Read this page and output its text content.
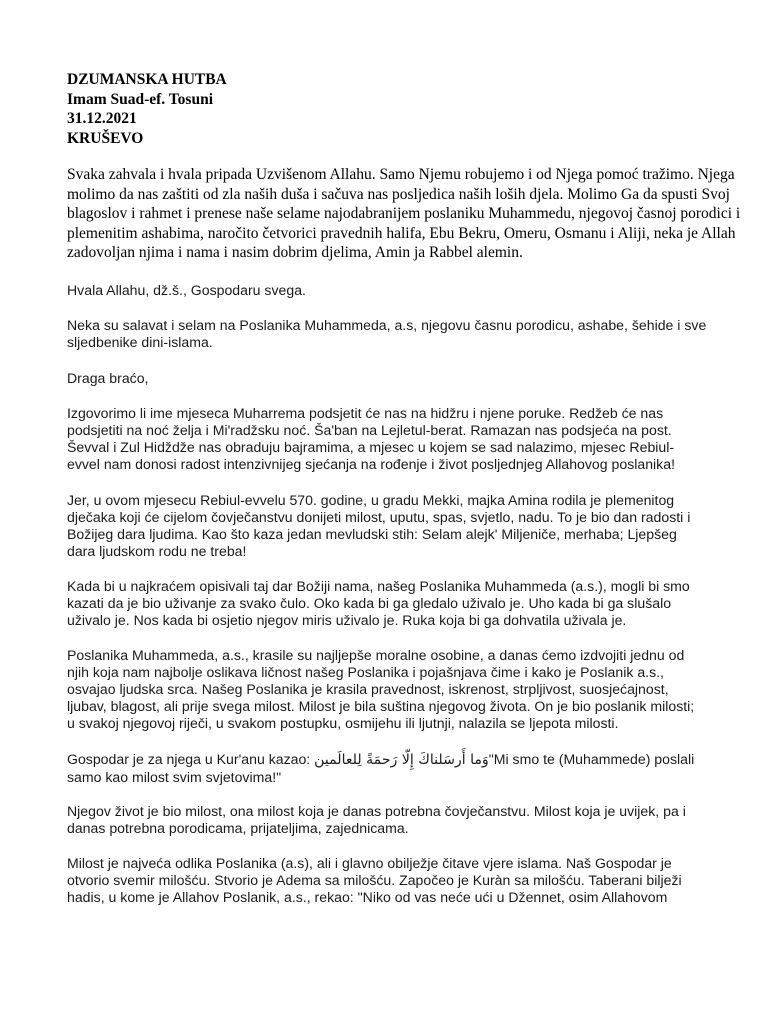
DZUMANSKA HUTBA
Imam Suad-ef. Tosuni
31.12.2021
KRUŠEVO

Svaka zahvala i hvala pripada Uzvišenom Allahu. Samo Njemu robujemo i od Njega pomoć tražimo. Njega
molimo da nas zaštiti od zla naših duša i sačuva nas posljedica naših loših djela. Molimo Ga da spusti Svoj
blagoslov i rahmet i prenese naše selame najodabranijem poslaniku Muhammedu, njegovoj časnoj porodici i
plemenitim ashabima, naročito četvorici pravednih halifa, Ebu Bekru, Omeru, Osmanu i Aliji, neka je Allah
zadovoljan njima i nama i nasim dobrim djelima, Amin ja Rabbel alemin.

Hvala Allahu, dž.š., Gospodaru svega.

Neka su salavat i selam na Poslanika Muhammeda, a.s, njegovu časnu porodicu, ashabe, šehide i sve
sljedbenike dini-islama.

Draga braćo,

Izgovorimo li ime mjeseca Muharrema podsjetit će nas na hidžru i njene poruke. Redžeb će nas
podsjetiti na noć želja i Mi'radžsku noć. Ša'ban na Lejletul-berat. Ramazan nas podsjeća na post.
Ševval i Zul Hidždže nas obraduju bajramima, a mjesec u kojem se sad nalazimo, mjesec Rebiul-
evvel nam donosi radost intenzivnijeg sjećanja na rođenje i život posljednjeg Allahovog poslanika!

Jer, u ovom mjesecu Rebiul-evvelu 570. godine, u gradu Mekki, majka Amina rodila je plemenitog
dječaka koji će cijelom čovječanstvu donijeti milost, uputu, spas, svjetlo, nadu. To je bio dan radosti i
Božijeg dara ljudima. Kao što kaza jedan mevludski stih: Selam alejk' Miljeniče, merhaba; Lјepšeg
dara ljudskom rodu ne treba!

Kada bi u najkraćem opisivali taj dar Božiji nama, našeg Poslanika Muhammeda (a.s.), mogli bi smo
kazati da je bio uživanje za svako čulo. Oko kada bi ga gledalo uživalo je. Uho kada bi ga slušalo
uživalo je. Nos kada bi osjetio njegov miris uživalo je. Ruka koja bi ga dohvatila uživala je.

Poslanika Muhammeda, a.s., krasile su najljepše moralne osobine, a danas ćemo izdvojiti jednu od
njih koja nam najbolje oslikava ličnost našeg Poslanika i pojašnjava čime i kako je Poslanik a.s.,
osvajao ljudska srca. Našeg Poslanika je krasila pravednost, iskrenost, strpljivost, suosjećajnost,
ljubav, blagost, ali prije svega milost. Milost je bila suština njegovog života. On je bio poslanik milosti;
u svakoj njegovoj riječi, u svakom postupku, osmijehu ili ljutnji, nalazila se ljepota milosti.

Gospodar je za njega u Kur'anu kazao: وَما أَرسَلناكَ إِلّا رَحمَةً لِلعالَمين"Mi smo te (Muhammede) poslali
samo kao milost svim svjetovima!"

Njegov život je bio milost, ona milost koja je danas potrebna čovječanstvu. Milost koja je uvijek, pa i
danas potrebna porodicama, prijateljima, zajednicama.

Milost je najveća odlika Poslanika (a.s), ali i glavno obilježje čitave vjere islama. Naš Gospodar je
otvorio svemir milošću. Stvorio je Adema sa milošću. Započeo je Kuràn sa milošću. Taberani bilježi
hadis, u kome je Allahov Poslanik, a.s., rekao: "Niko od vas neće ući u Džennet, osim Allahovom
